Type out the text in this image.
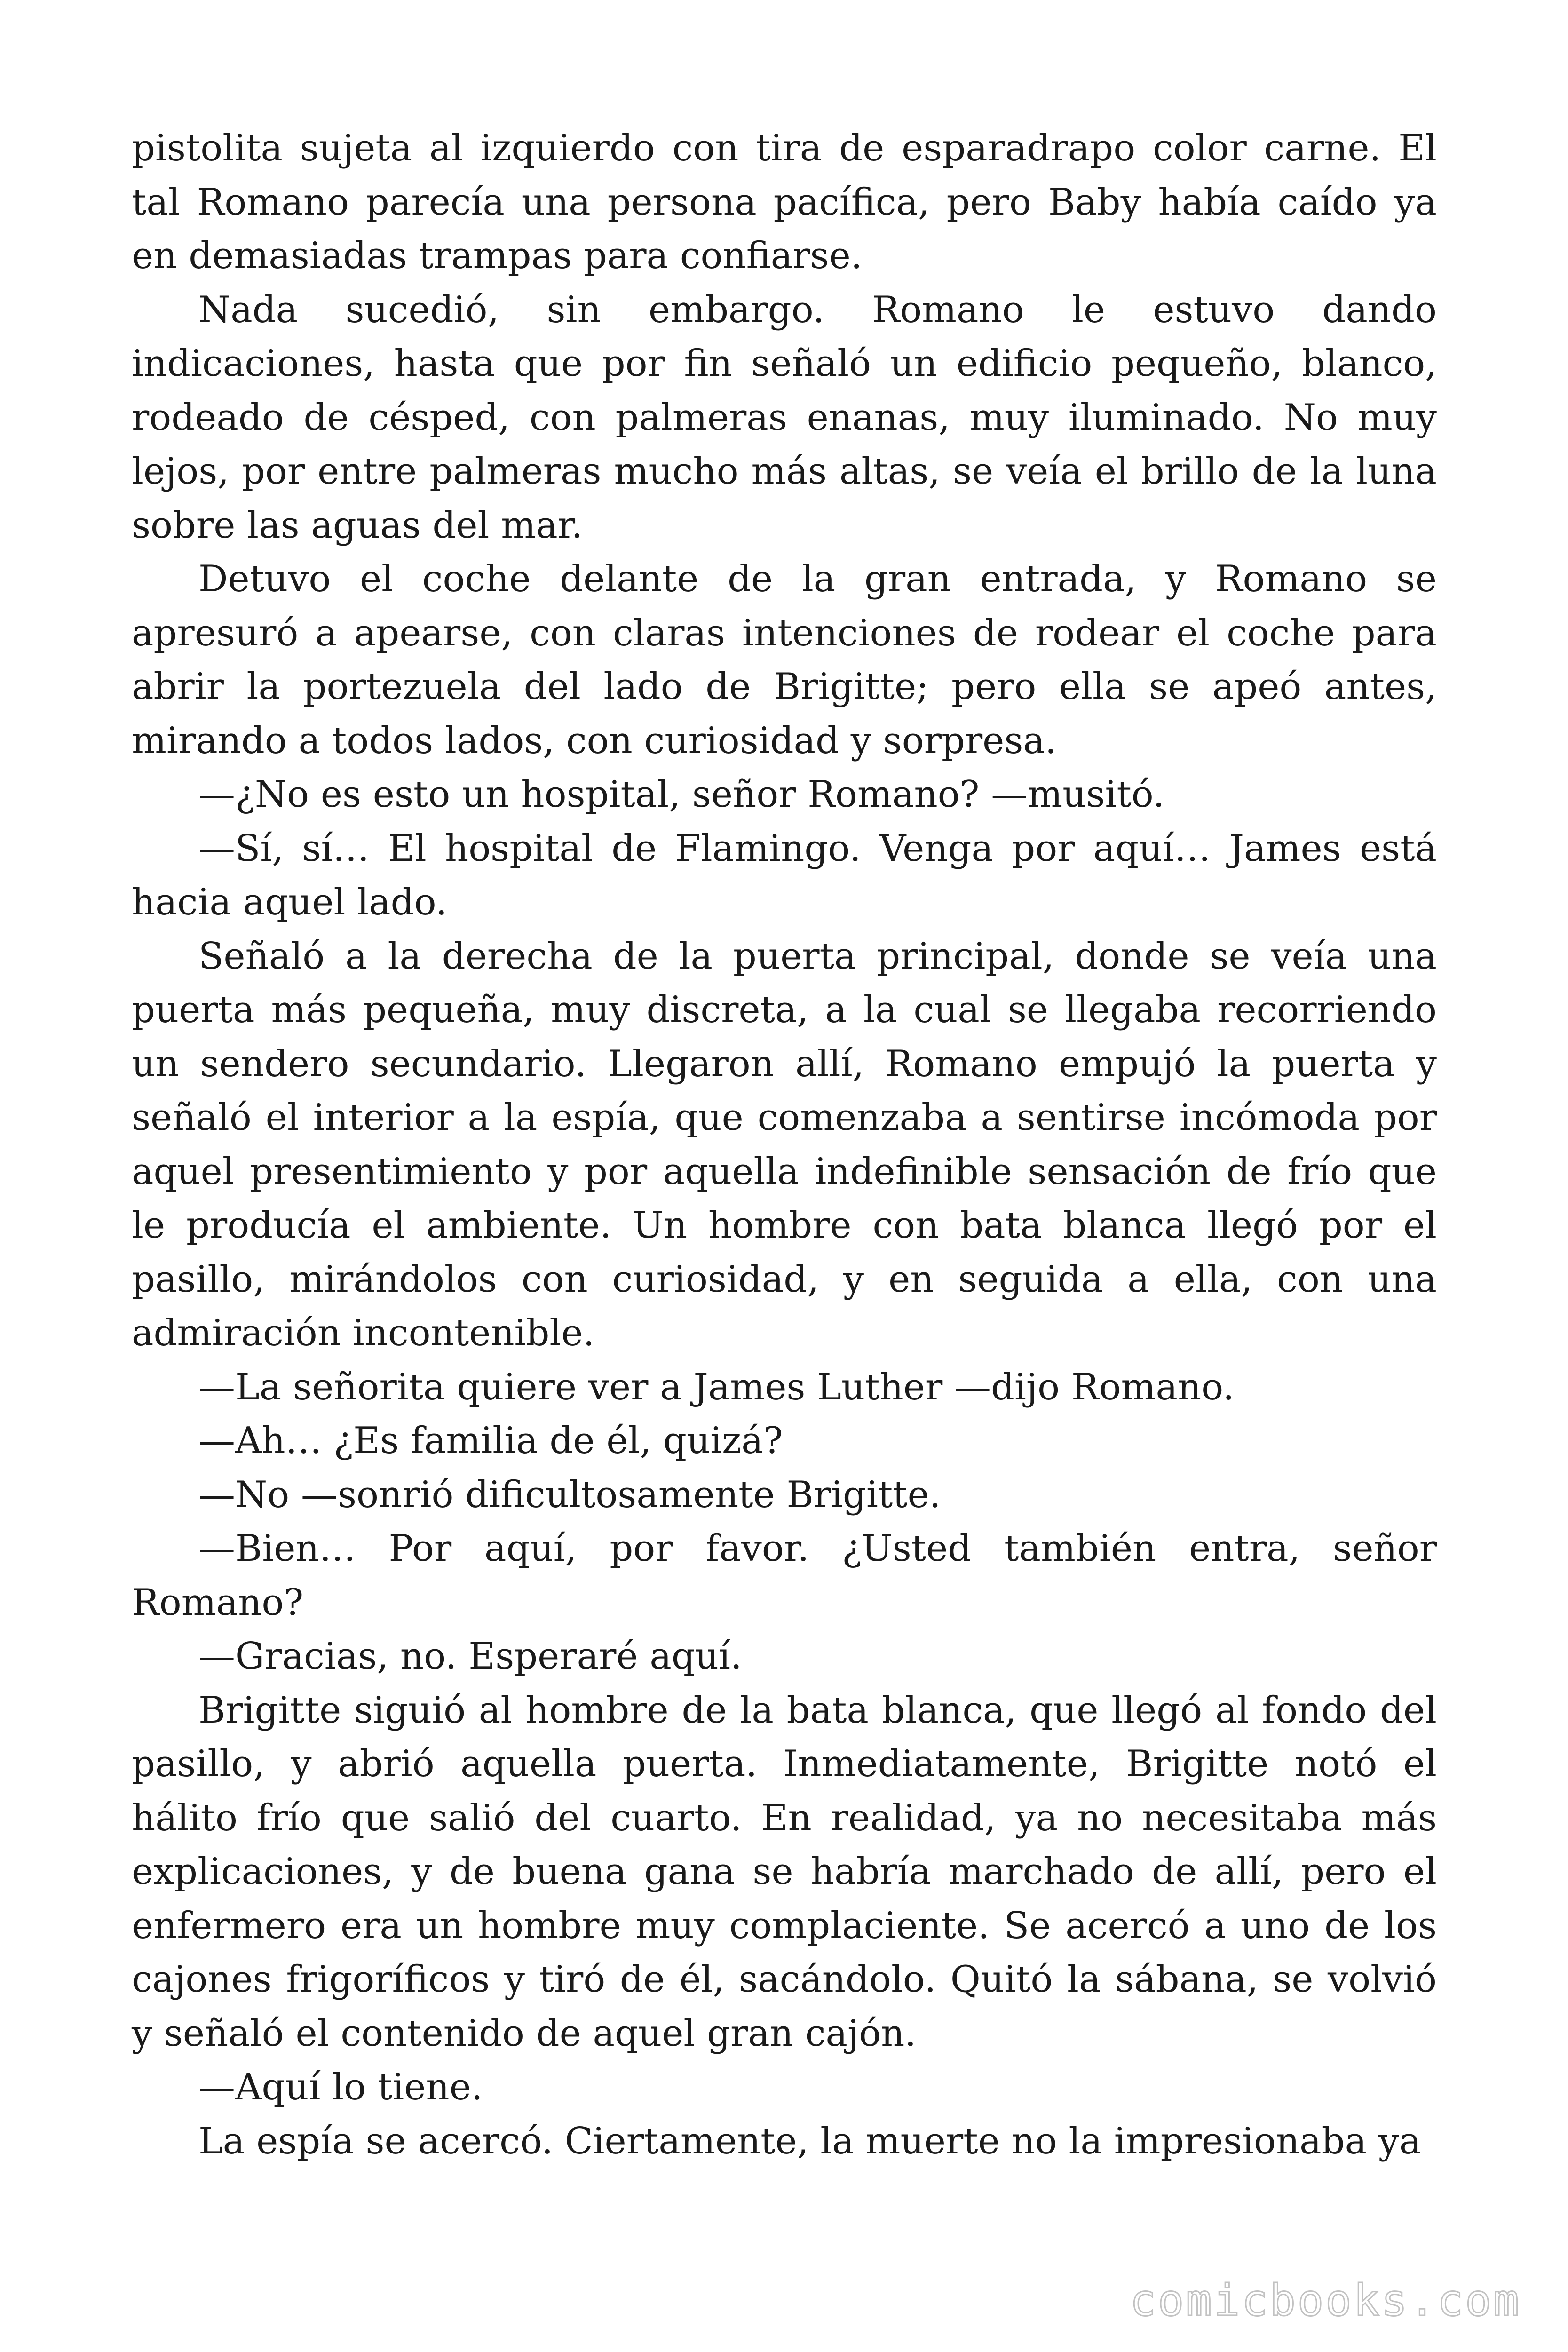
pistolita sujeta al izquierdo con tira de esparadrapo color carne. El tal Romano parecía una persona pacífica, pero Baby había caído ya en demasiadas trampas para confiarse.

Nada sucedió, sin embargo. Romano le estuvo dando indicaciones, hasta que por fin señaló un edificio pequeño, blanco, rodeado de césped, con palmeras enanas, muy iluminado. No muy lejos, por entre palmeras mucho más altas, se veía el brillo de la luna sobre las aguas del mar.

Detuvo el coche delante de la gran entrada, y Romano se apresuró a apearse, con claras intenciones de rodear el coche para abrir la portezuela del lado de Brigitte; pero ella se apeó antes, mirando a todos lados, con curiosidad y sorpresa.

—¿No es esto un hospital, señor Romano? —musitó.

—Sí, sí… El hospital de Flamingo. Venga por aquí… James está hacia aquel lado.

Señaló a la derecha de la puerta principal, donde se veía una puerta más pequeña, muy discreta, a la cual se llegaba recorriendo un sendero secundario. Llegaron allí, Romano empujó la puerta y señaló el interior a la espía, que comenzaba a sentirse incómoda por aquel presentimiento y por aquella indefinible sensación de frío que le producía el ambiente. Un hombre con bata blanca llegó por el pasillo, mirándolos con curiosidad, y en seguida a ella, con una admiración incontenible.

—La señorita quiere ver a James Luther —dijo Romano.

—Ah… ¿Es familia de él, quizá?

—No —sonrió dificultosamente Brigitte.

—Bien… Por aquí, por favor. ¿Usted también entra, señor Romano?

—Gracias, no. Esperaré aquí.

Brigitte siguió al hombre de la bata blanca, que llegó al fondo del pasillo, y abrió aquella puerta. Inmediatamente, Brigitte notó el hálito frío que salió del cuarto. En realidad, ya no necesitaba más explicaciones, y de buena gana se habría marchado de allí, pero el enfermero era un hombre muy complaciente. Se acercó a uno de los cajones frigoríficos y tiró de él, sacándolo. Quitó la sábana, se volvió y señaló el contenido de aquel gran cajón.

—Aquí lo tiene.

La espía se acercó. Ciertamente, la muerte no la impresionaba ya

comicbooks.com
